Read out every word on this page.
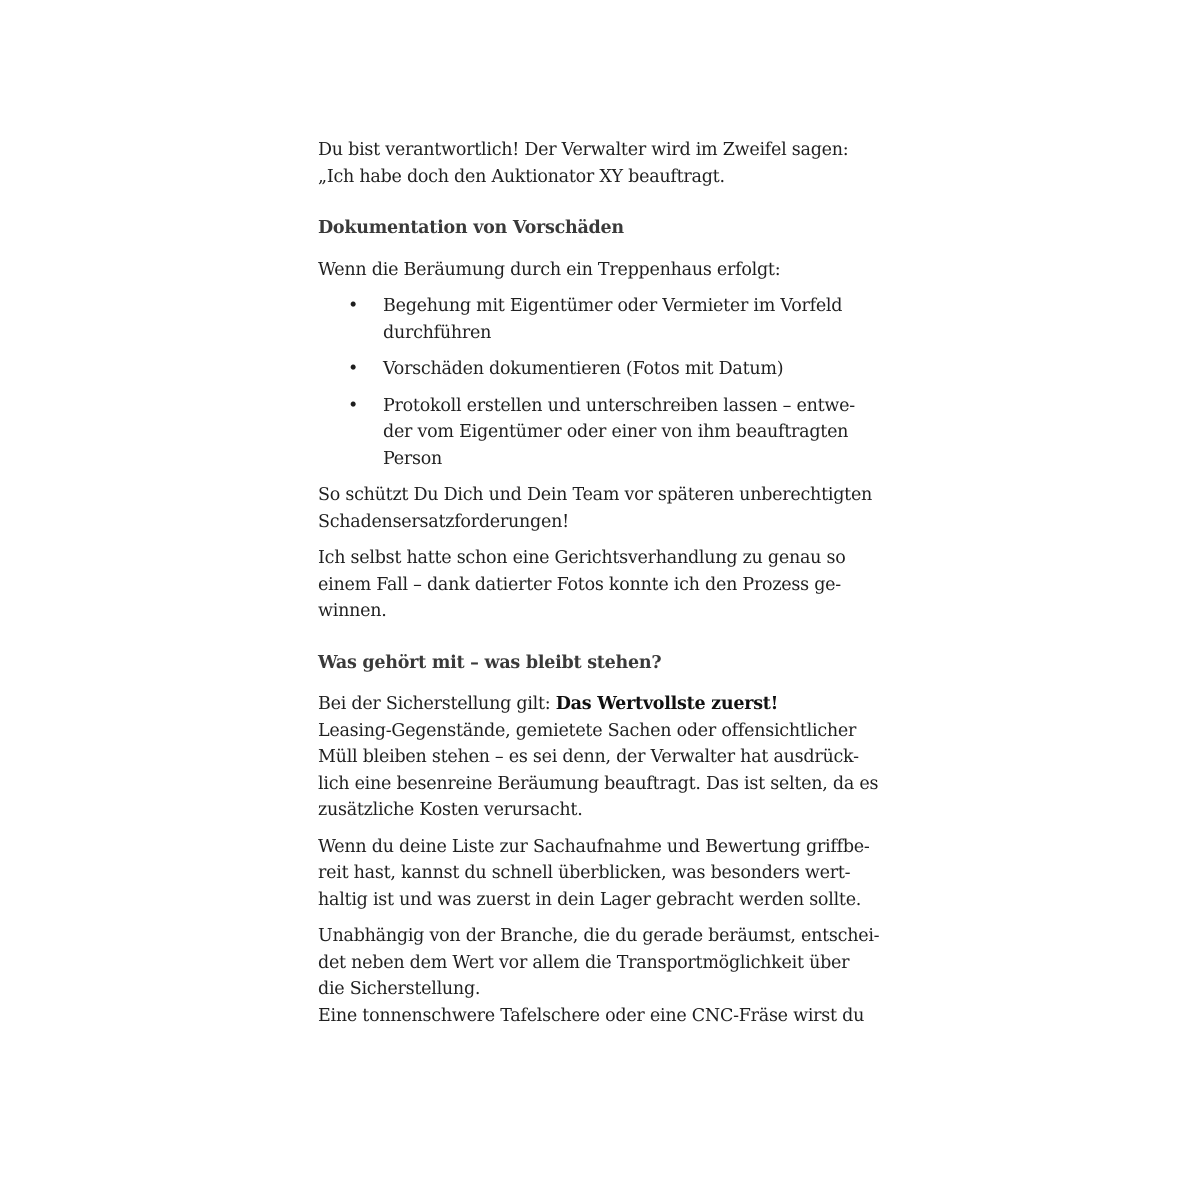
Du bist verantwortlich! Der Verwalter wird im Zweifel sagen:
„Ich habe doch den Auktionator XY beauftragt.

Dokumentation von Vorschäden

Wenn die Beräumung durch ein Treppenhaus erfolgt:

• Begehung mit Eigentümer oder Vermieter im Vorfeld
durchführen
• Vorschäden dokumentieren (Fotos mit Datum)
• Protokoll erstellen und unterschreiben lassen – entwe-
der vom Eigentümer oder einer von ihm beauftragten
Person

So schützt Du Dich und Dein Team vor späteren unberechtigten
Schadensersatzforderungen!

Ich selbst hatte schon eine Gerichtsverhandlung zu genau so
einem Fall – dank datierter Fotos konnte ich den Prozess ge-
winnen.

Was gehört mit – was bleibt stehen?

Bei der Sicherstellung gilt: Das Wertvollste zuerst!
Leasing-Gegenstände, gemietete Sachen oder offensichtlicher
Müll bleiben stehen – es sei denn, der Verwalter hat ausdrück-
lich eine besenreine Beräumung beauftragt. Das ist selten, da es
zusätzliche Kosten verursacht.

Wenn du deine Liste zur Sachaufnahme und Bewertung griffbe-
reit hast, kannst du schnell überblicken, was besonders wert-
haltig ist und was zuerst in dein Lager gebracht werden sollte.

Unabhängig von der Branche, die du gerade beräumst, entschei-
det neben dem Wert vor allem die Transportmöglichkeit über
die Sicherstellung.

Eine tonnenschwere Tafelschere oder eine CNC-Fräse wirst du
